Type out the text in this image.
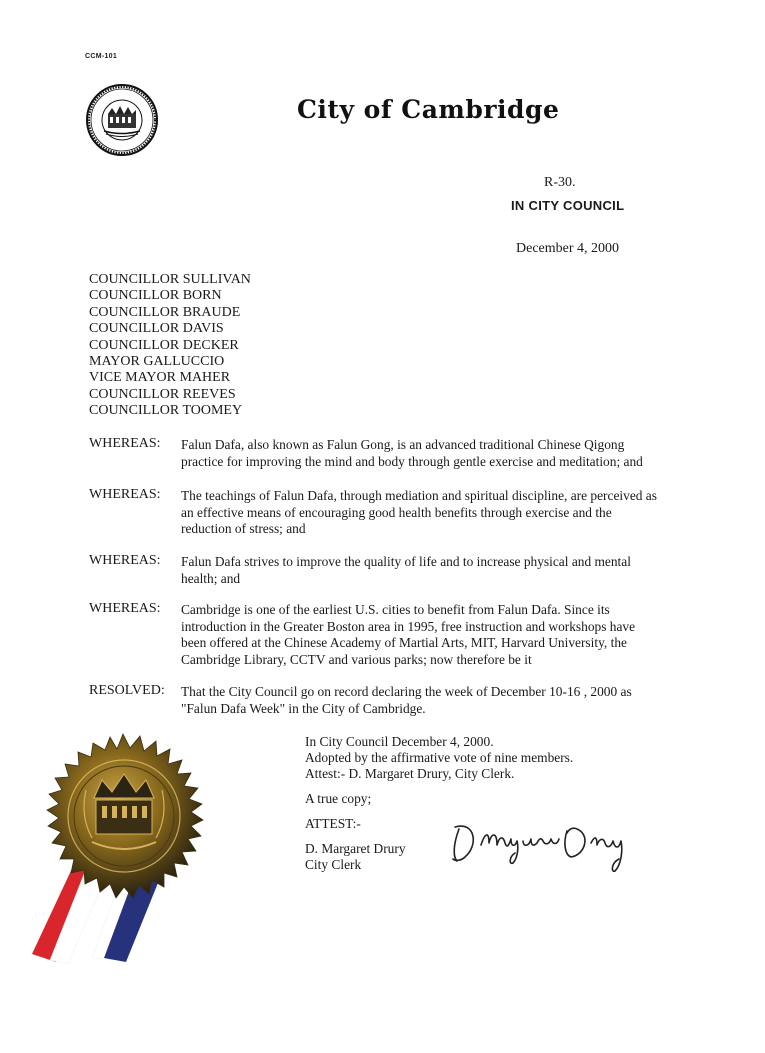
CCM-101
City of Cambridge
R-30.
IN CITY COUNCIL
December 4, 2000
COUNCILLOR SULLIVAN
COUNCILLOR BORN
COUNCILLOR BRAUDE
COUNCILLOR DAVIS
COUNCILLOR DECKER
MAYOR GALLUCCIO
VICE MAYOR MAHER
COUNCILLOR REEVES
COUNCILLOR TOOMEY
WHEREAS: Falun Dafa, also known as Falun Gong, is an advanced traditional Chinese Qigong
practice for improving the mind and body through gentle exercise and meditation; and
WHEREAS: The teachings of Falun Dafa, through mediation and spiritual discipline, are perceived as
an effective means of encouraging good health benefits through exercise and the
reduction of stress; and
WHEREAS: Falun Dafa strives to improve the quality of life and to increase physical and mental
health; and
WHEREAS: Cambridge is one of the earliest U.S. cities to benefit from Falun Dafa. Since its
introduction in the Greater Boston area in 1995, free instruction and workshops have
been offered at the Chinese Academy of Martial Arts, MIT, Harvard University, the
Cambridge Library, CCTV and various parks; now therefore be it
RESOLVED: That the City Council go on record declaring the week of December 10-16 , 2000 as
"Falun Dafa Week" in the City of Cambridge.
In City Council December 4, 2000.
Adopted by the affirmative vote of nine members.
Attest:- D. Margaret Drury, City Clerk.
A true copy;
ATTEST:-
D. Margaret Drury
City Clerk
